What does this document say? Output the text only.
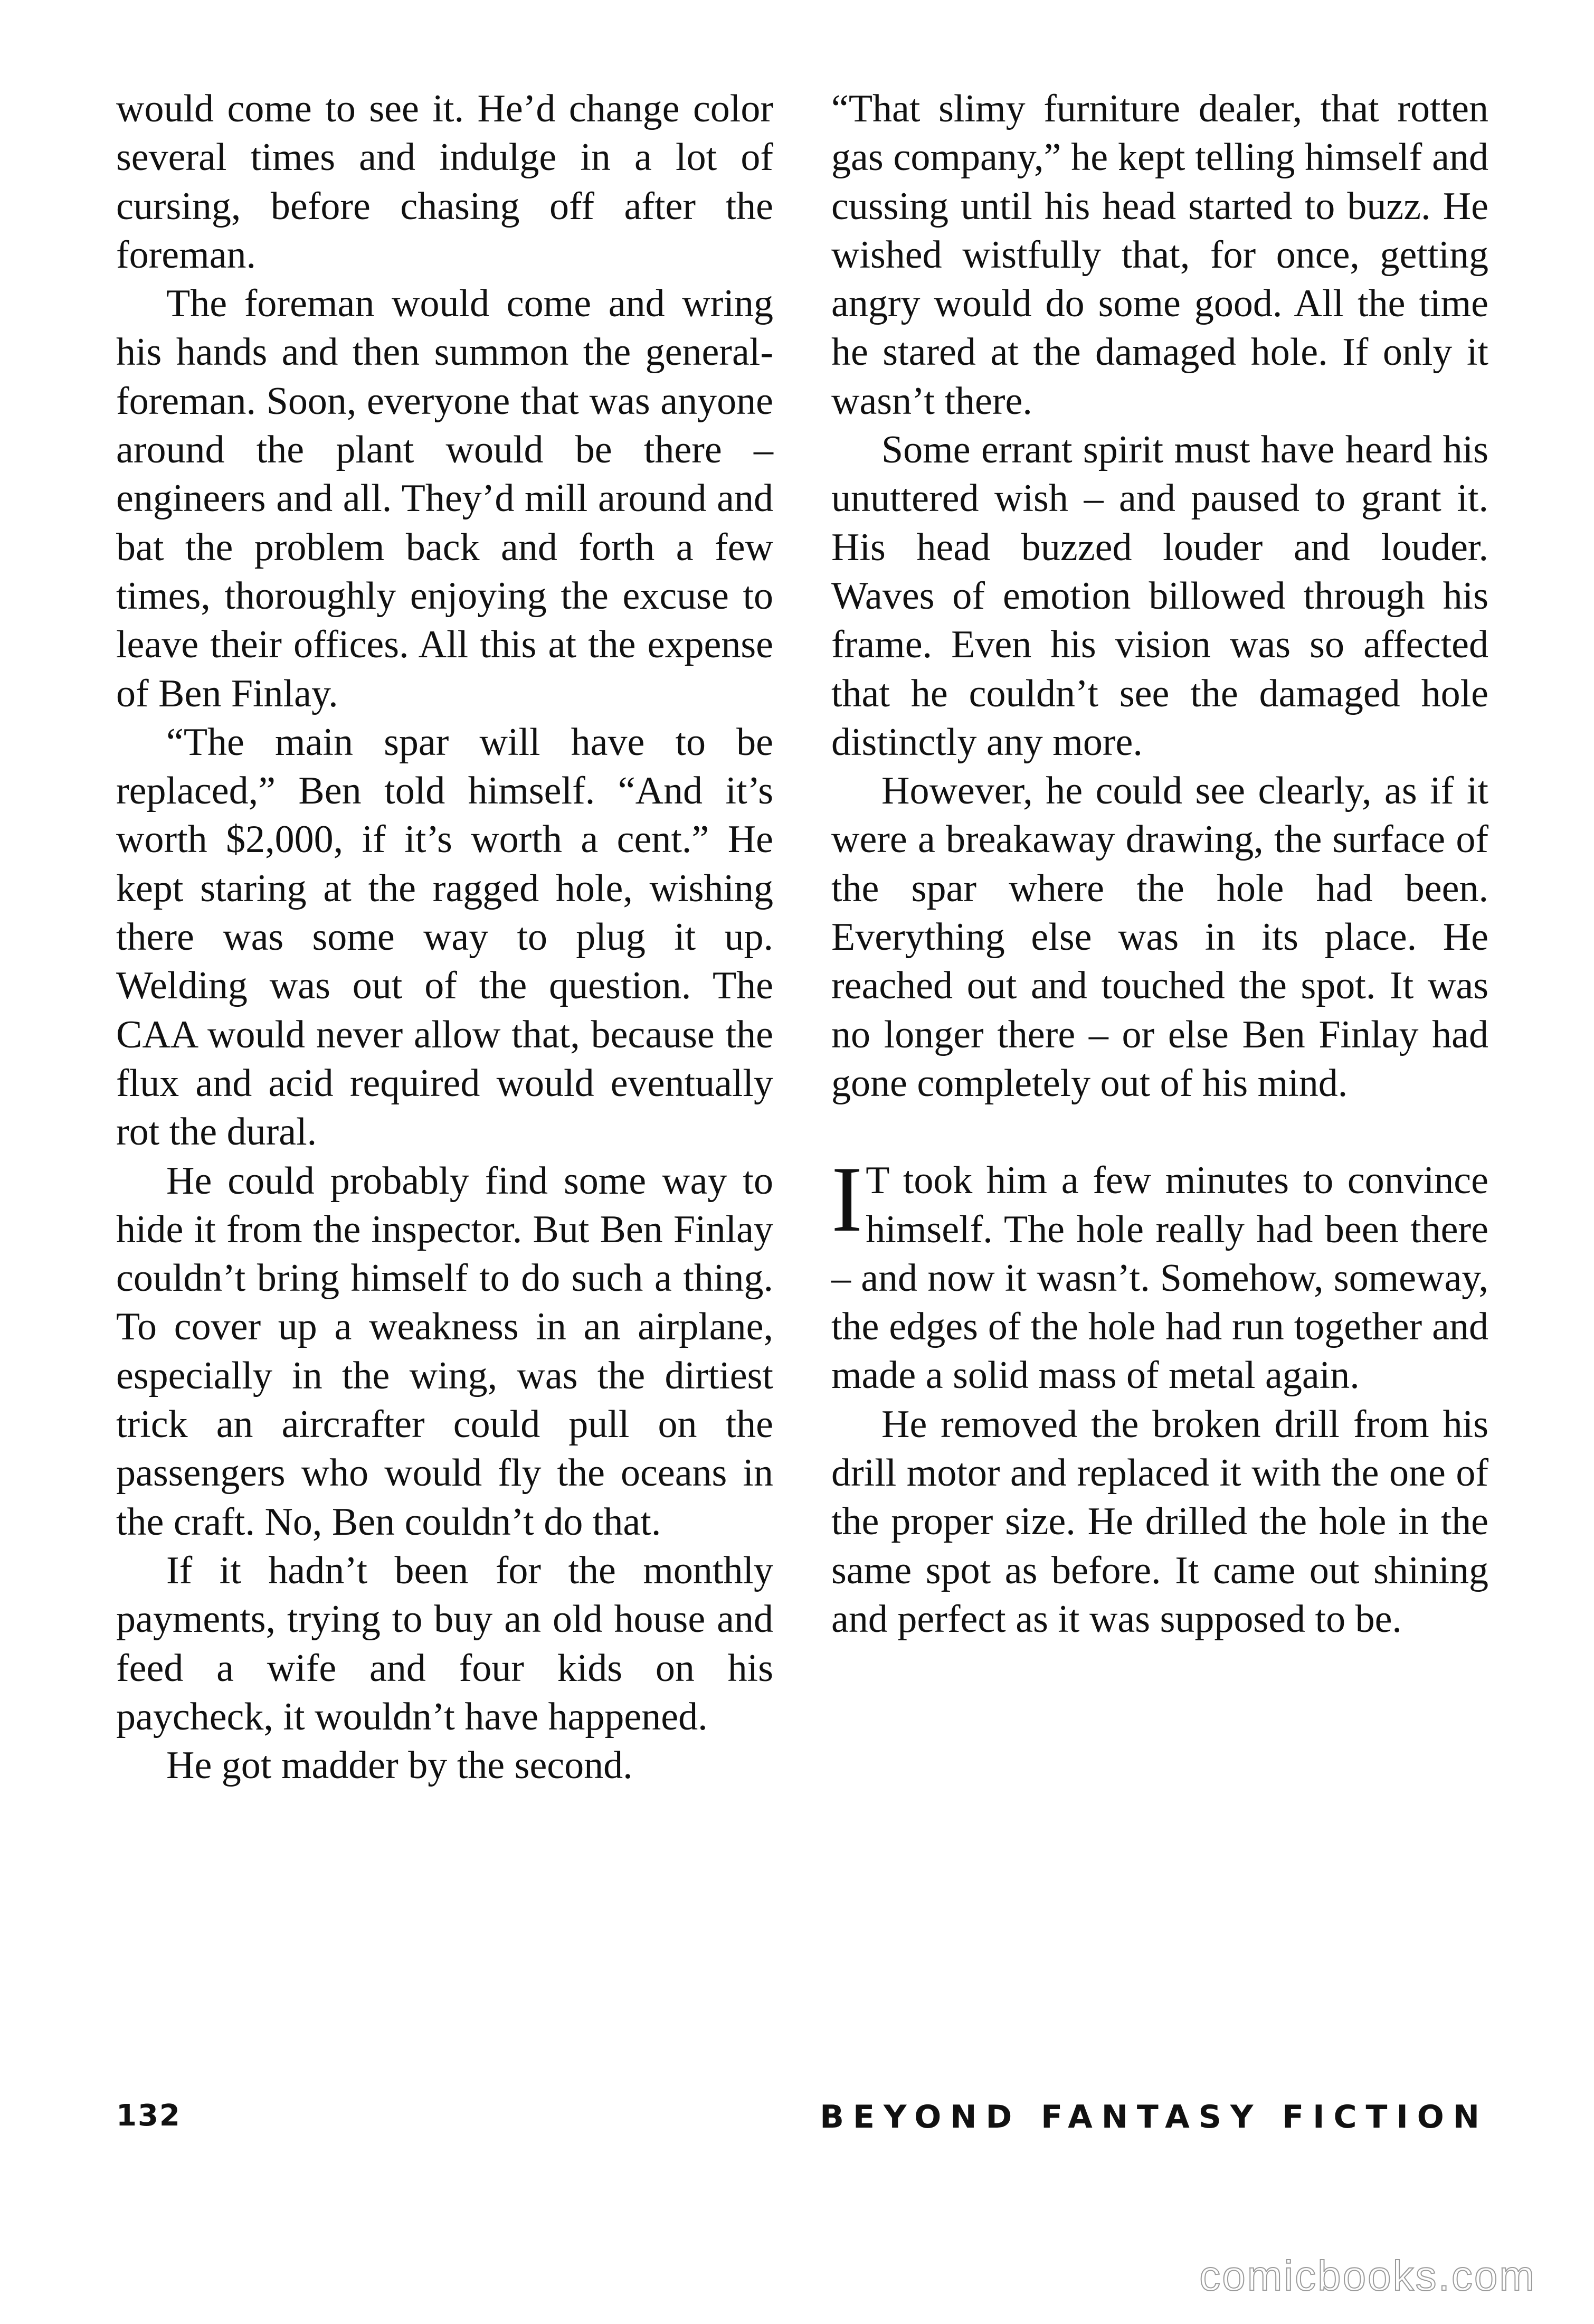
would come to see it. He’d change color several times and indulge in a lot of cursing, before chasing off after the foreman.

The foreman would come and wring his hands and then summon the general-foreman. Soon, everyone that was anyone around the plant would be there – engineers and all. They’d mill around and bat the problem back and forth a few times, thoroughly enjoying the excuse to leave their offices. All this at the expense of Ben Finlay.

“The main spar will have to be replaced,” Ben told himself. “And it’s worth $2,000, if it’s worth a cent.” He kept staring at the ragged hole, wishing there was some way to plug it up. Welding was out of the question. The CAA would never allow that, because the flux and acid required would eventually rot the dural.

He could probably find some way to hide it from the inspector. But Ben Finlay couldn’t bring himself to do such a thing. To cover up a weakness in an airplane, especially in the wing, was the dirtiest trick an aircrafter could pull on the passengers who would fly the oceans in the craft. No, Ben couldn’t do that.

If it hadn’t been for the monthly payments, trying to buy an old house and feed a wife and four kids on his paycheck, it wouldn’t have happened.

He got madder by the second.

“That slimy furniture dealer, that rotten gas company,” he kept telling himself and cussing until his head started to buzz. He wished wistfully that, for once, getting angry would do some good. All the time he stared at the damaged hole. If only it wasn’t there.

Some errant spirit must have heard his unuttered wish – and paused to grant it. His head buzzed louder and louder. Waves of emotion billowed through his frame. Even his vision was so affected that he couldn’t see the damaged hole distinctly any more.

However, he could see clearly, as if it were a breakaway drawing, the surface of the spar where the hole had been. Everything else was in its place. He reached out and touched the spot. It was no longer there – or else Ben Finlay had gone completely out of his mind.

I T took him a few minutes to convince himself. The hole really had been there – and now it wasn’t. Somehow, someway, the edges of the hole had run together and made a solid mass of metal again.

He removed the broken drill from his drill motor and replaced it with the one of the proper size. He drilled the hole in the same spot as before. It came out shining and perfect as it was supposed to be.

132	BEYOND FANTASY FICTION
comicbooks.com
